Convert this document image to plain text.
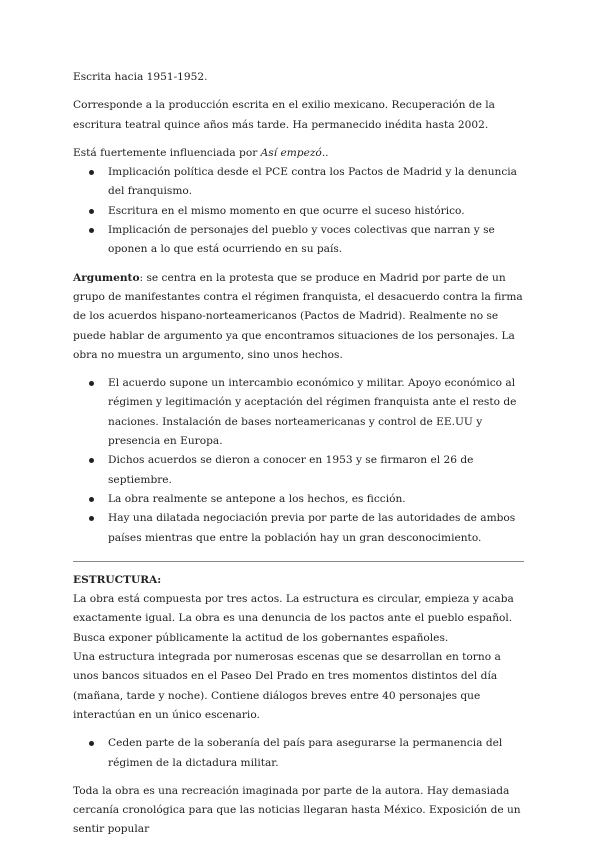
Escrita hacia 1951-1952.

Corresponde a la producción escrita en el exilio mexicano. Recuperación de la escritura teatral quince años más tarde. Ha permanecido inédita hasta 2002.

Está fuertemente influenciada por Así empezó..

Implicación política desde el PCE contra los Pactos de Madrid y la denuncia del franquismo.
Escritura en el mismo momento en que ocurre el suceso histórico.
Implicación de personajes del pueblo y voces colectivas que narran y se oponen a lo que está ocurriendo en su país.

Argumento: se centra en la protesta que se produce en Madrid por parte de un grupo de manifestantes contra el régimen franquista, el desacuerdo contra la firma de los acuerdos hispano-norteamericanos (Pactos de Madrid). Realmente no se puede hablar de argumento ya que encontramos situaciones de los personajes. La obra no muestra un argumento, sino unos hechos.

El acuerdo supone un intercambio económico y militar. Apoyo económico al régimen y legitimación y aceptación del régimen franquista ante el resto de naciones. Instalación de bases norteamericanas y control de EE.UU y presencia en Europa.
Dichos acuerdos se dieron a conocer en 1953 y se firmaron el 26 de septiembre.
La obra realmente se antepone a los hechos, es ficción.
Hay una dilatada negociación previa por parte de las autoridades de ambos países mientras que entre la población hay un gran desconocimiento.

ESTRUCTURA:

La obra está compuesta por tres actos. La estructura es circular, empieza y acaba exactamente igual. La obra es una denuncia de los pactos ante el pueblo español. Busca exponer públicamente la actitud de los gobernantes españoles.

Una estructura integrada por numerosas escenas que se desarrollan en torno a unos bancos situados en el Paseo Del Prado en tres momentos distintos del día (mañana, tarde y noche). Contiene diálogos breves entre 40 personajes que interactúan en un único escenario.

Ceden parte de la soberanía del país para asegurarse la permanencia del régimen de la dictadura militar.

Toda la obra es una recreación imaginada por parte de la autora. Hay demasiada cercanía cronológica para que las noticias llegaran hasta México. Exposición de un sentir popular
